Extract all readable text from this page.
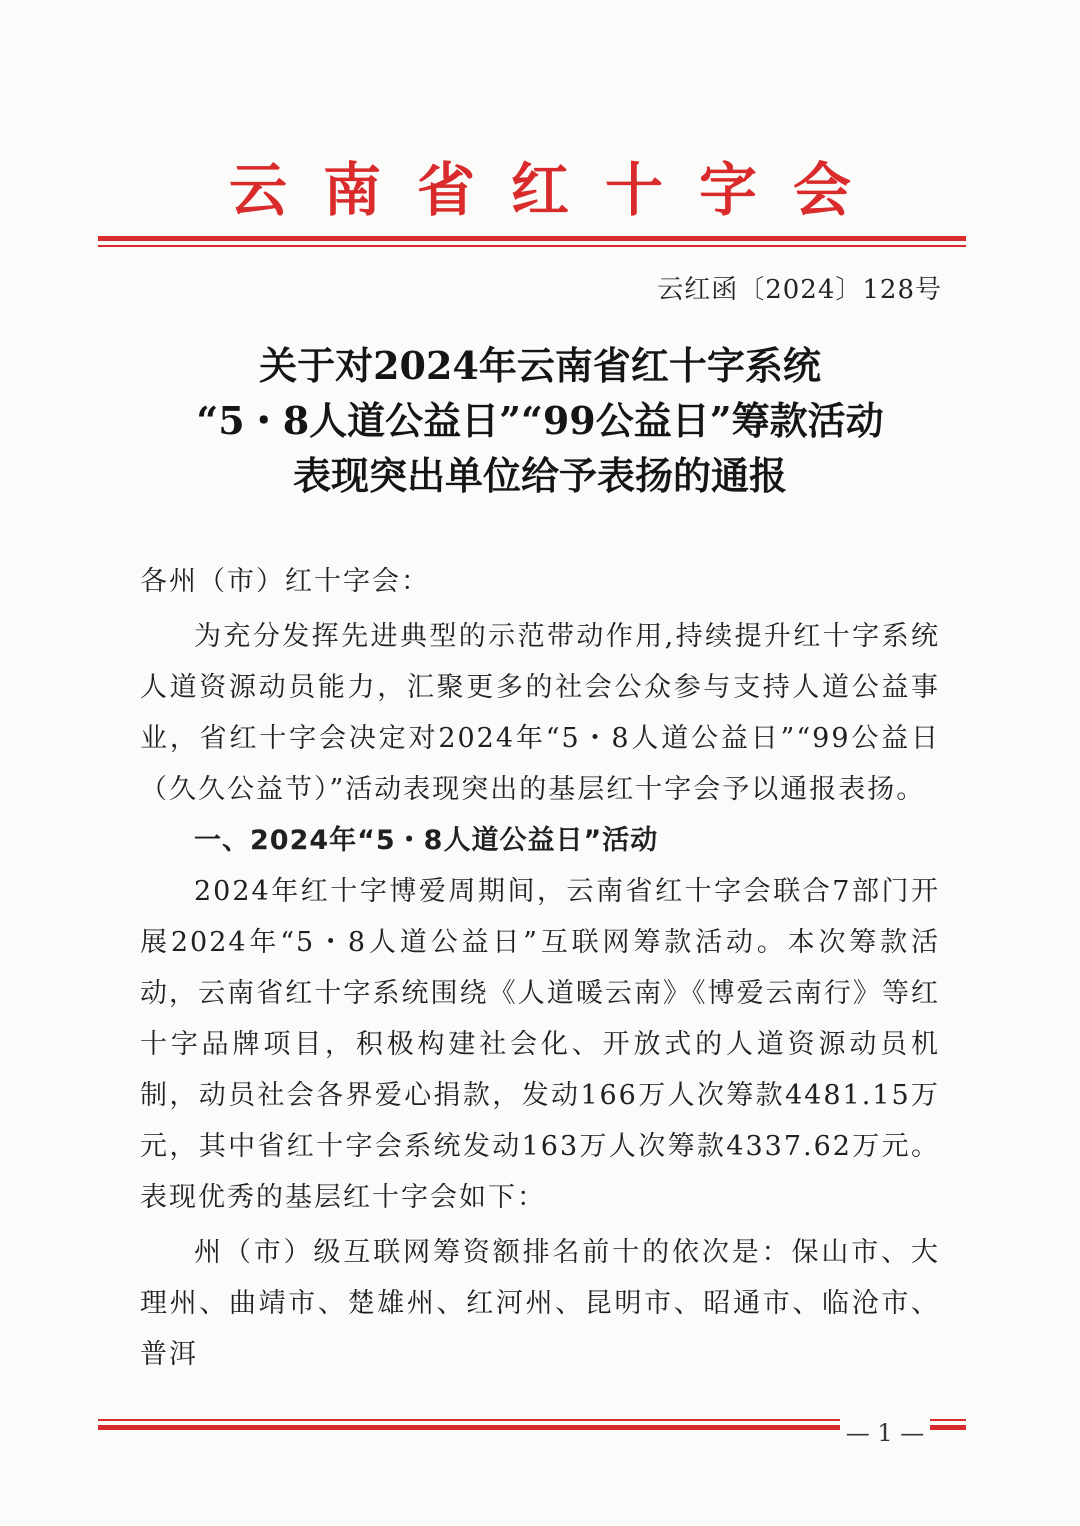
云南省红十字会
云红函〔2024〕128号
关于对2024年云南省红十字系统
“5・8人道公益日”“99公益日”筹款活动
表现突出单位给予表扬的通报

各州（市）红十字会：

为充分发挥先进典型的示范带动作用,持续提升红十字系统人道资源动员能力，汇聚更多的社会公众参与支持人道公益事业，省红十字会决定对2024年“5・8人道公益日”“99公益日（久久公益节）”活动表现突出的基层红十字会予以通报表扬。

一、2024年“5・8人道公益日”活动

2024年红十字博爱周期间，云南省红十字会联合7部门开展2024年“5・8人道公益日”互联网筹款活动。本次筹款活动，云南省红十字系统围绕《人道暖云南》《博爱云南行》等红十字品牌项目，积极构建社会化、开放式的人道资源动员机制，动员社会各界爱心捐款，发动166万人次筹款4481.15万元，其中省红十字会系统发动163万人次筹款4337.62万元。表现优秀的基层红十字会如下：

州（市）级互联网筹资额排名前十的依次是：保山市、大理州、曲靖市、楚雄州、红河州、昆明市、昭通市、临沧市、普洱

— 1 —
